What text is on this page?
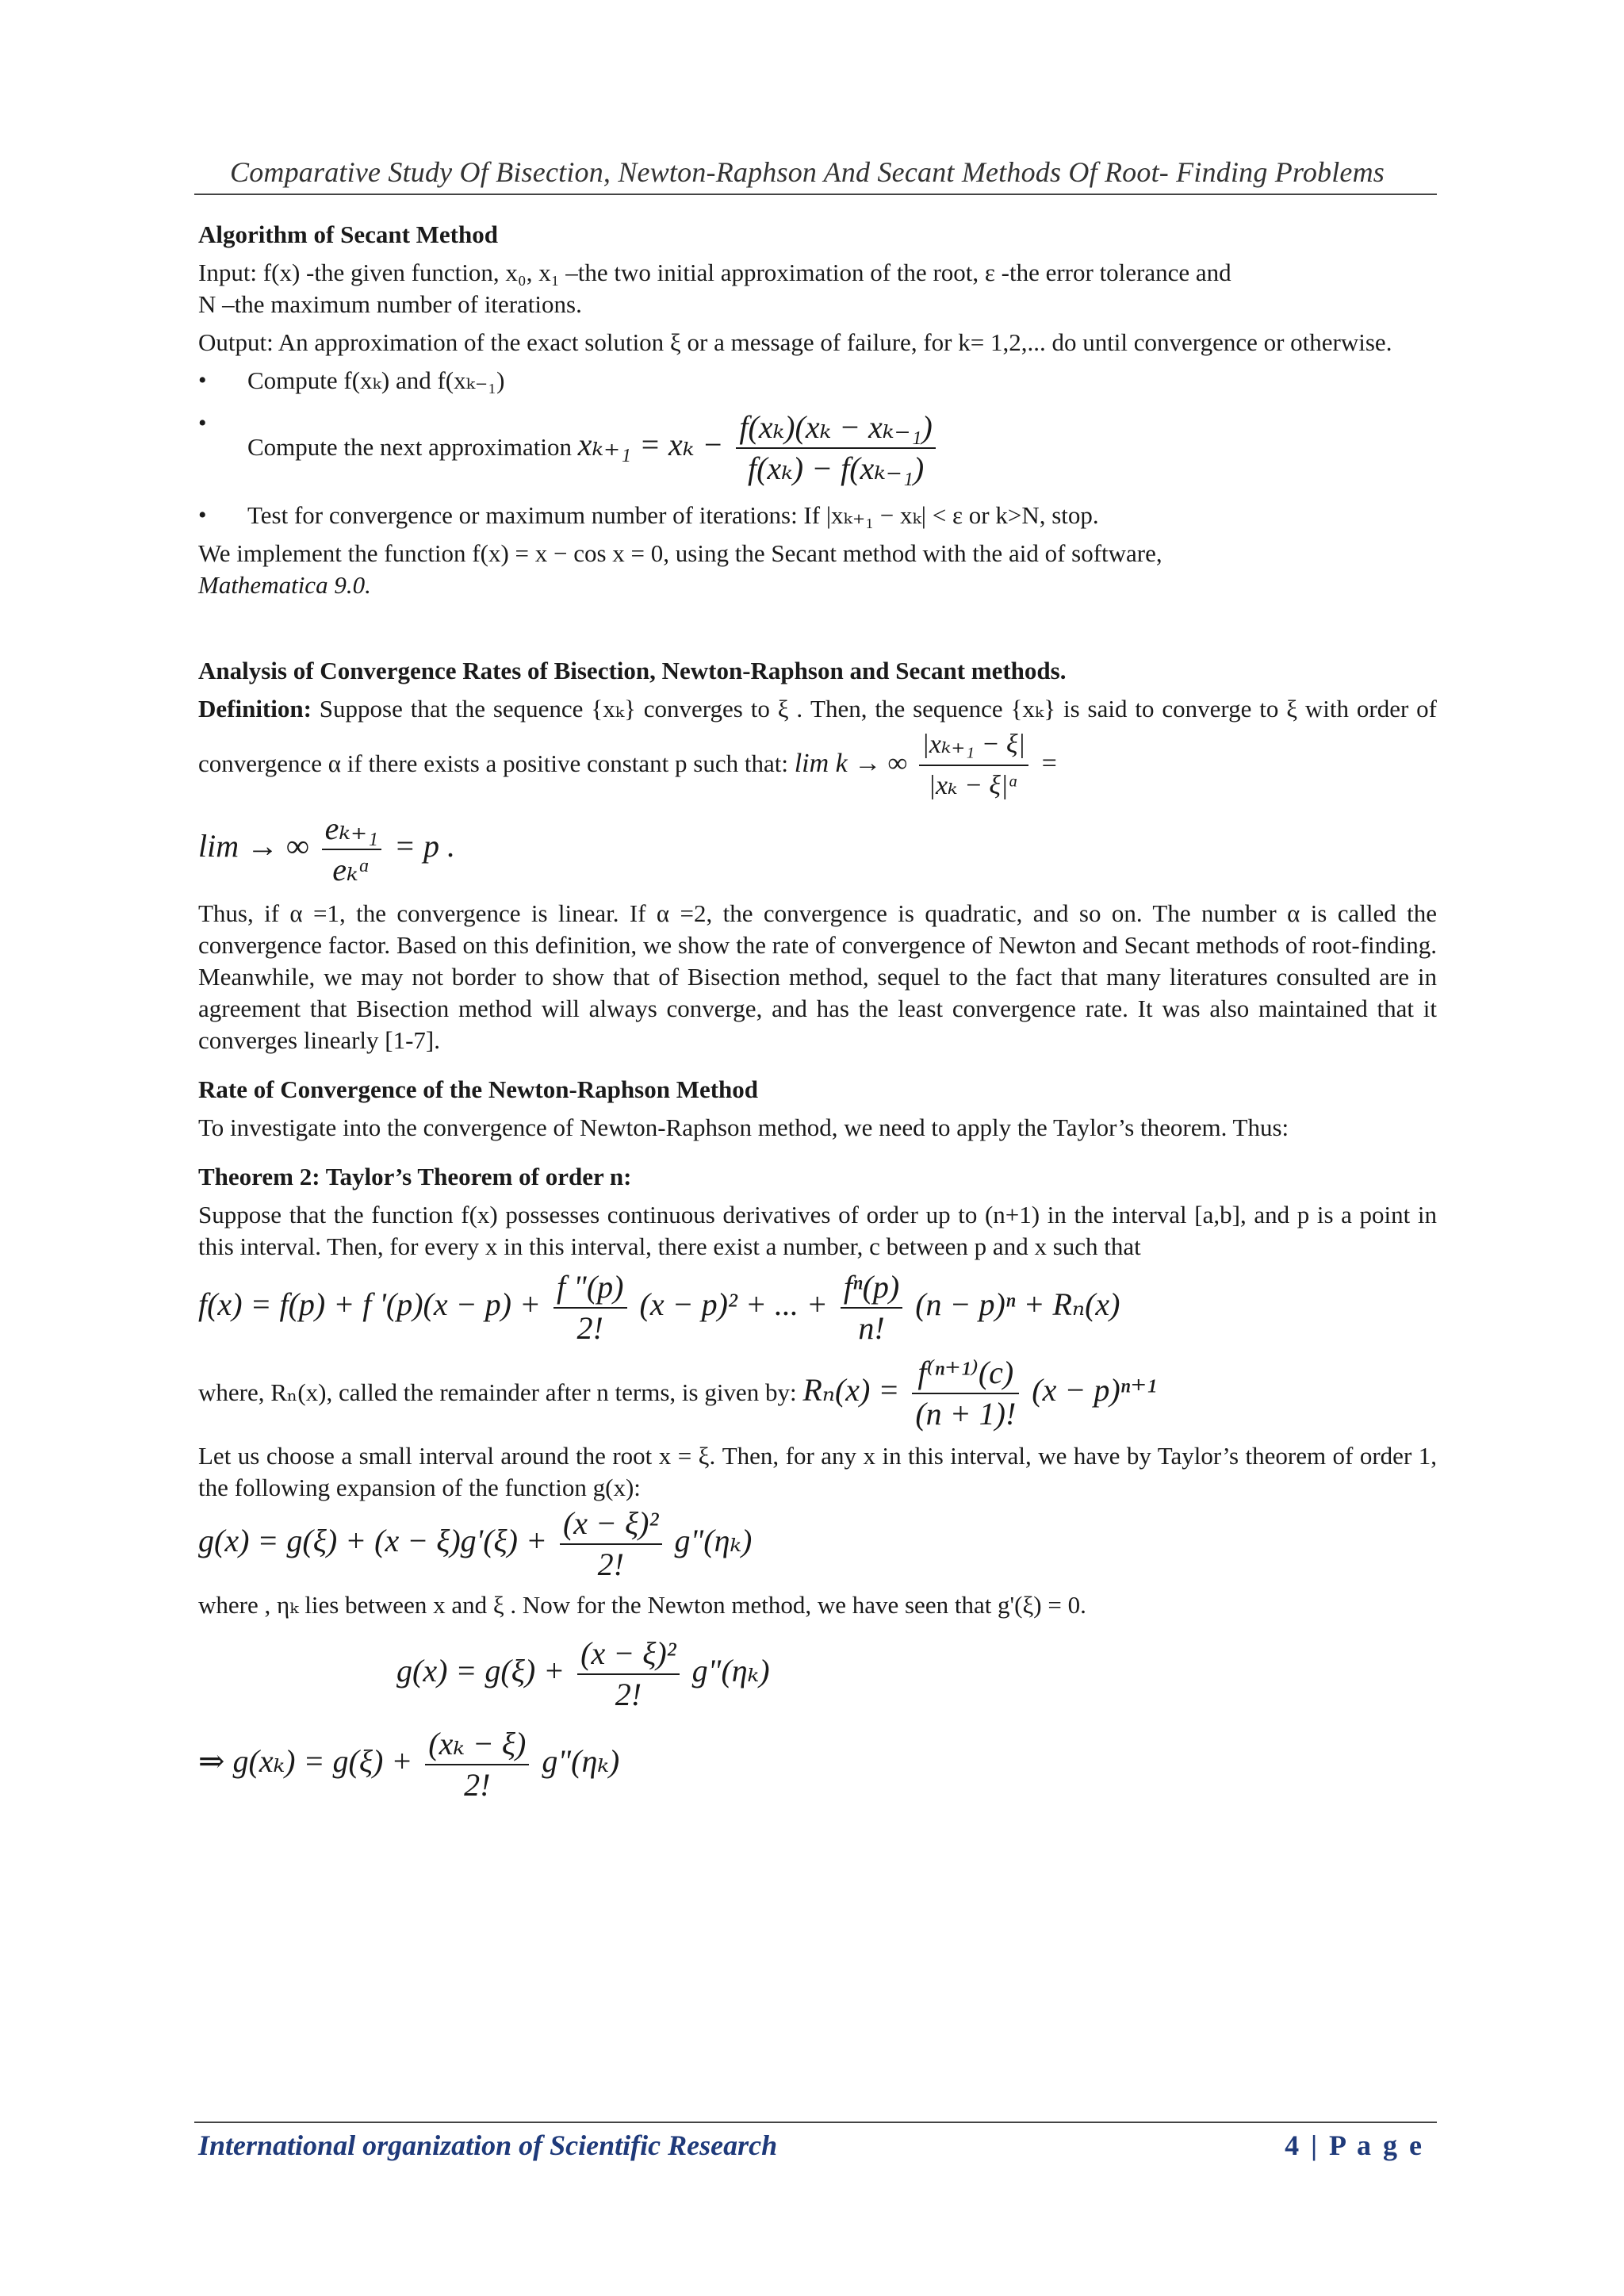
Comparative Study Of Bisection, Newton-Raphson And Secant Methods Of Root- Finding Problems

Algorithm of Secant Method

Input: f(x) -the given function, x₀, x₁ –the two initial approximation of the root, ε -the error tolerance and

N –the maximum number of iterations.

Output: An approximation of the exact solution ξ or a message of failure, for k= 1,2,... do until convergence or otherwise.

• Compute f(xₖ) and f(xₖ₋₁)
• Compute the next approximation $x_{k+1} = x_k - \frac{\text{f(xₖ)(xₖ − xₖ₋₁)}}{\text{f(xₖ) − f(xₖ₋₁)}}$
• Test for convergence or maximum number of iterations: If |xₖ₊₁ − xₖ| < ε or k>N, stop.

We implement the function f(x) = x − cos x = 0, using the Secant method with the aid of software,

Mathematica 9.0.

Analysis of Convergence Rates of Bisection, Newton-Raphson and Secant methods.

Definition: Suppose that the sequence {xₖ} converges to ξ . Then, the sequence {xₖ} is said to converge to ξ with order of convergence α if there exists a positive constant p such that: lim k → ∞ $\frac{\text{|xₖ₊₁ − ξ|}}{\text{|xₖ − ξ|ᵅ}}$ =

lim → ∞ $\frac{\text{eₖ₊₁}}{\text{eₖᵅ}} = p$ .

Thus, if α =1, the convergence is linear. If α =2, the convergence is quadratic, and so on. The number α is called the convergence factor. Based on this definition, we show the rate of convergence of Newton and Secant methods of root-finding. Meanwhile, we may not border to show that of Bisection method, sequel to the fact that many literatures consulted are in agreement that Bisection method will always converge, and has the least convergence rate. It was also maintained that it converges linearly [1-7].

Rate of Convergence of the Newton-Raphson Method

To investigate into the convergence of Newton-Raphson method, we need to apply the Taylor’s theorem. Thus:

Theorem 2: Taylor’s Theorem of order n:

Suppose that the function f(x) possesses continuous derivatives of order up to (n+1) in the interval [a,b], and p is a point in this interval. Then, for every x in this interval, there exist a number, c between p and x such that

f(x) = f(p) + f '$(p)(x - p) + \frac{f "(p)}{2!} (x - p)^2$ + ... + $\frac{\text{fⁿ(p)}}{n!} (n - p)^n + R_n(x)$

where, Rₙ(x), called the remainder after n terms, is given by: $R_n(x) = \frac{\text{f⁽ⁿ⁺¹⁾(c)}}{(n + 1)!} (x - p)^{n+1}$

Let us choose a small interval around the root x = ξ. Then, for any x in this interval, we have by Taylor’s theorem of order 1, the following expansion of the function g(x):

$g(x) = g(\xi) + (x - \xi)g'(\xi) + \frac{\text{(x − ξ)²}}{2!}$ g"(ηₖ)

where , ηₖ lies between x and ξ . Now for the Newton method, we have seen that g'(ξ) = 0.

$g(x) = g(\xi) + \frac{\text{(x − ξ)²}}{2!}$ g"(ηₖ)
⇒ $g(x_k) = g(\xi) + \frac{\text{(xₖ − ξ)}}{2!}$ g"(ηₖ)
International organization of Scientific Research	4 | P a g e
